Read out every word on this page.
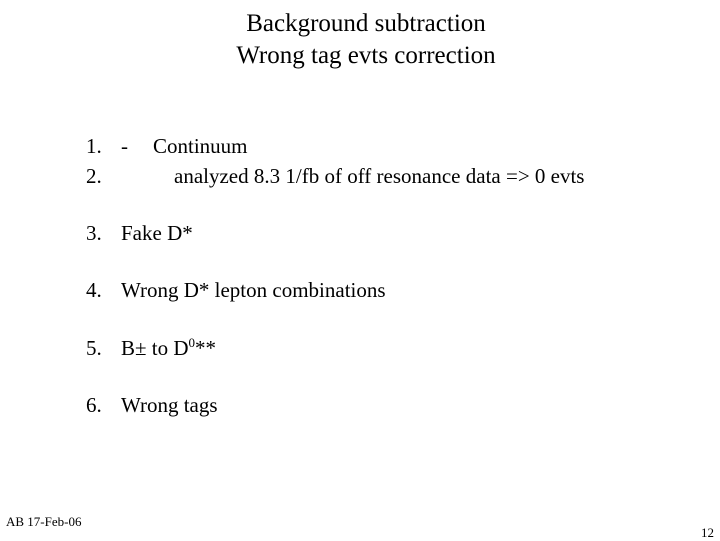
Background subtraction
Wrong tag evts correction
1. - Continuum
2.	analyzed 8.3 1/fb of off resonance data => 0 evts
3. Fake D*
4. Wrong D* lepton combinations
5. B± to $D^0**$
6. Wrong tags
AB 17-Feb-06
12
